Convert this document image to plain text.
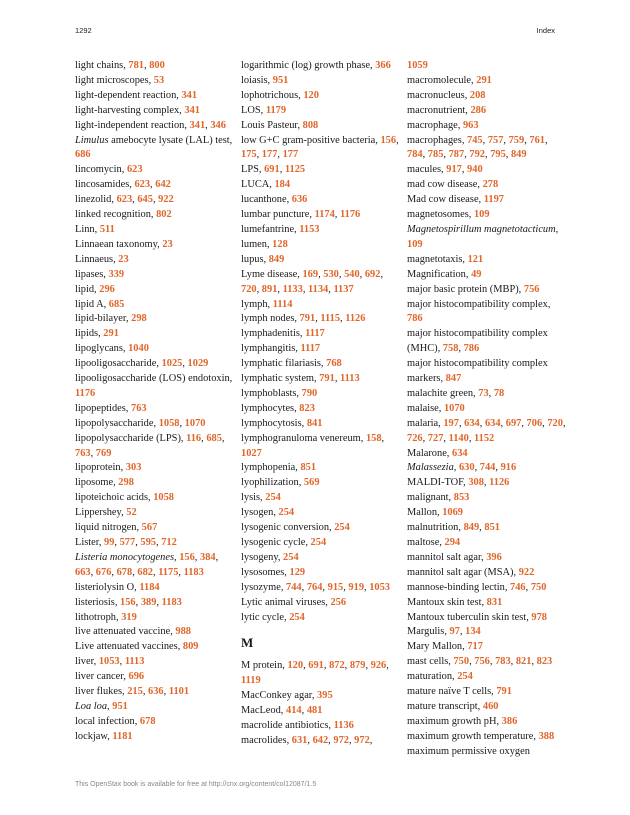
1292	Index
light chains, 781, 800
light microscopes, 53
light-dependent reaction, 341
light-harvesting complex, 341
light-independent reaction, 341, 346
Limulus amebocyte lysate (LAL) test, 686
lincomycin, 623
lincosamides, 623, 642
linezolid, 623, 645, 922
linked recognition, 802
Linn, 511
Linnaean taxonomy, 23
Linnaeus, 23
lipases, 339
lipid, 296
lipid A, 685
lipid-bilayer, 298
lipids, 291
lipoglycans, 1040
lipooligosaccharide, 1025, 1029
lipooligosaccharide (LOS) endotoxin, 1176
lipopeptides, 763
lipopolysaccharide, 1058, 1070
lipopolysaccharide (LPS), 116, 685, 763, 769
lipoprotein, 303
liposome, 298
lipoteichoic acids, 1058
Lippershey, 52
liquid nitrogen, 567
Lister, 99, 577, 595, 712
Listeria monocytogenes, 156, 384, 663, 676, 678, 682, 1175, 1183
listeriolysin O, 1184
listeriosis, 156, 389, 1183
lithotroph, 319
live attenuated vaccine, 988
Live attenuated vaccines, 809
liver, 1053, 1113
liver cancer, 696
liver flukes, 215, 636, 1101
Loa loa, 951
local infection, 678
lockjaw, 1181
logarithmic (log) growth phase, 366
loiasis, 951
lophotrichous, 120
LOS, 1179
Louis Pasteur, 808
low G+C gram-positive bacteria, 156, 175, 177, 177
LPS, 691, 1125
LUCA, 184
lucanthone, 636
lumbar puncture, 1174, 1176
lumefantrine, 1153
lumen, 128
lupus, 849
Lyme disease, 169, 530, 540, 692, 720, 891, 1133, 1134, 1137
lymph, 1114
lymph nodes, 791, 1115, 1126
lymphadenitis, 1117
lymphangitis, 1117
lymphatic filariasis, 768
lymphatic system, 791, 1113
lymphoblasts, 790
lymphocytes, 823
lymphocytosis, 841
lymphogranuloma venereum, 158, 1027
lymphopenia, 851
lyophilization, 569
lysis, 254
lysogen, 254
lysogenic conversion, 254
lysogenic cycle, 254
lysogeny, 254
lysosomes, 129
lysozyme, 744, 764, 915, 919, 1053
Lytic animal viruses, 256
lytic cycle, 254
M
M protein, 120, 691, 872, 879, 926, 1119
MacConkey agar, 395
MacLeod, 414, 481
macrolide antibiotics, 1136
macrolides, 631, 642, 972, 972,
1059
macromolecule, 291
macronucleus, 208
macronutrient, 286
macrophage, 963
macrophages, 745, 757, 759, 761, 784, 785, 787, 792, 795, 849
macules, 917, 940
mad cow disease, 278
Mad cow disease, 1197
magnetosomes, 109
Magnetospirillum magnetotacticum, 109
magnetotaxis, 121
Magnification, 49
major basic protein (MBP), 756
major histocompatibility complex, 786
major histocompatibility complex (MHC), 758, 786
major histocompatibility complex markers, 847
malachite green, 73, 78
malaise, 1070
malaria, 197, 634, 634, 697, 706, 720, 726, 727, 1140, 1152
Malarone, 634
Malassezia, 630, 744, 916
MALDI-TOF, 308, 1126
malignant, 853
Mallon, 1069
malnutrition, 849, 851
maltose, 294
mannitol salt agar, 396
mannitol salt agar (MSA), 922
mannose-binding lectin, 746, 750
Mantoux skin test, 831
Mantoux tuberculin skin test, 978
Margulis, 97, 134
Mary Mallon, 717
mast cells, 750, 756, 783, 821, 823
maturation, 254
mature naïve T cells, 791
mature transcript, 460
maximum growth pH, 386
maximum growth temperature, 388
maximum permissive oxygen
This OpenStax book is available for free at http://cnx.org/content/col12087/1.5
